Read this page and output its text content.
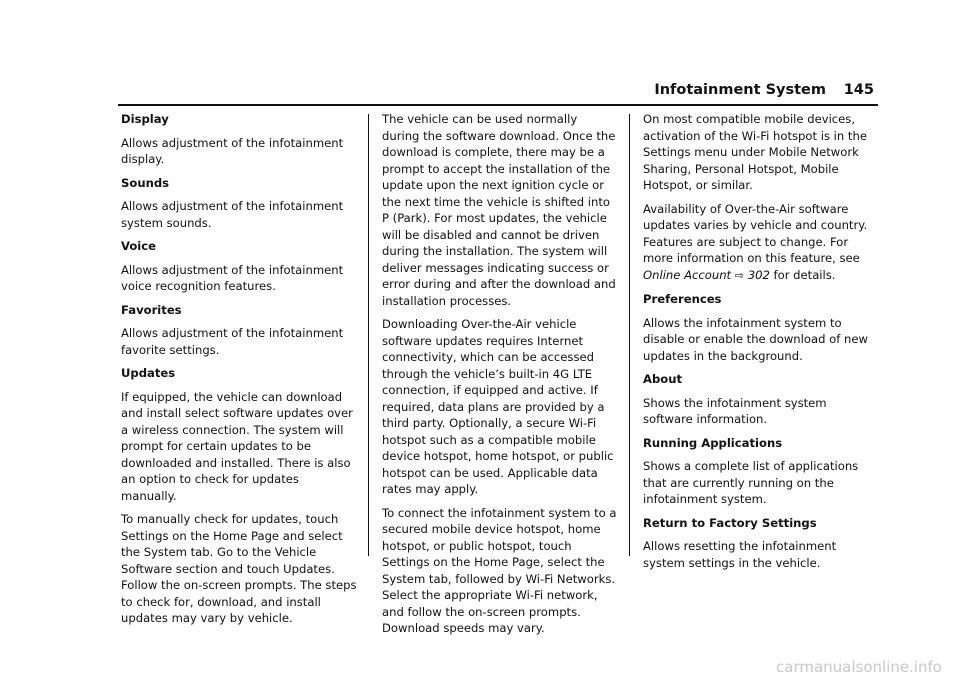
Infotainment System 145
Display

Allows adjustment of the infotainment display.

Sounds

Allows adjustment of the infotainment system sounds.

Voice

Allows adjustment of the infotainment voice recognition features.

Favorites

Allows adjustment of the infotainment favorite settings.

Updates

If equipped, the vehicle can download and install select software updates over a wireless connection. The system will prompt for certain updates to be downloaded and installed. There is also an option to check for updates manually.

To manually check for updates, touch Settings on the Home Page and select the System tab. Go to the Vehicle Software section and touch Updates. Follow the on-screen prompts. The steps to check for, download, and install updates may vary by vehicle.

The vehicle can be used normally during the software download. Once the download is complete, there may be a prompt to accept the installation of the update upon the next ignition cycle or the next time the vehicle is shifted into P (Park). For most updates, the vehicle will be disabled and cannot be driven during the installation. The system will deliver messages indicating success or error during and after the download and installation processes.

Downloading Over-the-Air vehicle software updates requires Internet connectivity, which can be accessed through the vehicle’s built-in 4G LTE connection, if equipped and active. If required, data plans are provided by a third party. Optionally, a secure Wi-Fi hotspot such as a compatible mobile device hotspot, home hotspot, or public hotspot can be used. Applicable data rates may apply.

To connect the infotainment system to a secured mobile device hotspot, home hotspot, or public hotspot, touch Settings on the Home Page, select the System tab, followed by Wi-Fi Networks. Select the appropriate Wi-Fi network, and follow the on-screen prompts. Download speeds may vary.

On most compatible mobile devices, activation of the Wi-Fi hotspot is in the Settings menu under Mobile Network Sharing, Personal Hotspot, Mobile Hotspot, or similar.

Availability of Over-the-Air software updates varies by vehicle and country. Features are subject to change. For more information on this feature, see Online Account ⇨ 302 for details.

Preferences

Allows the infotainment system to disable or enable the download of new updates in the background.

About

Shows the infotainment system software information.

Running Applications

Shows a complete list of applications that are currently running on the infotainment system.

Return to Factory Settings

Allows resetting the infotainment system settings in the vehicle.

carmanualsonline.info
